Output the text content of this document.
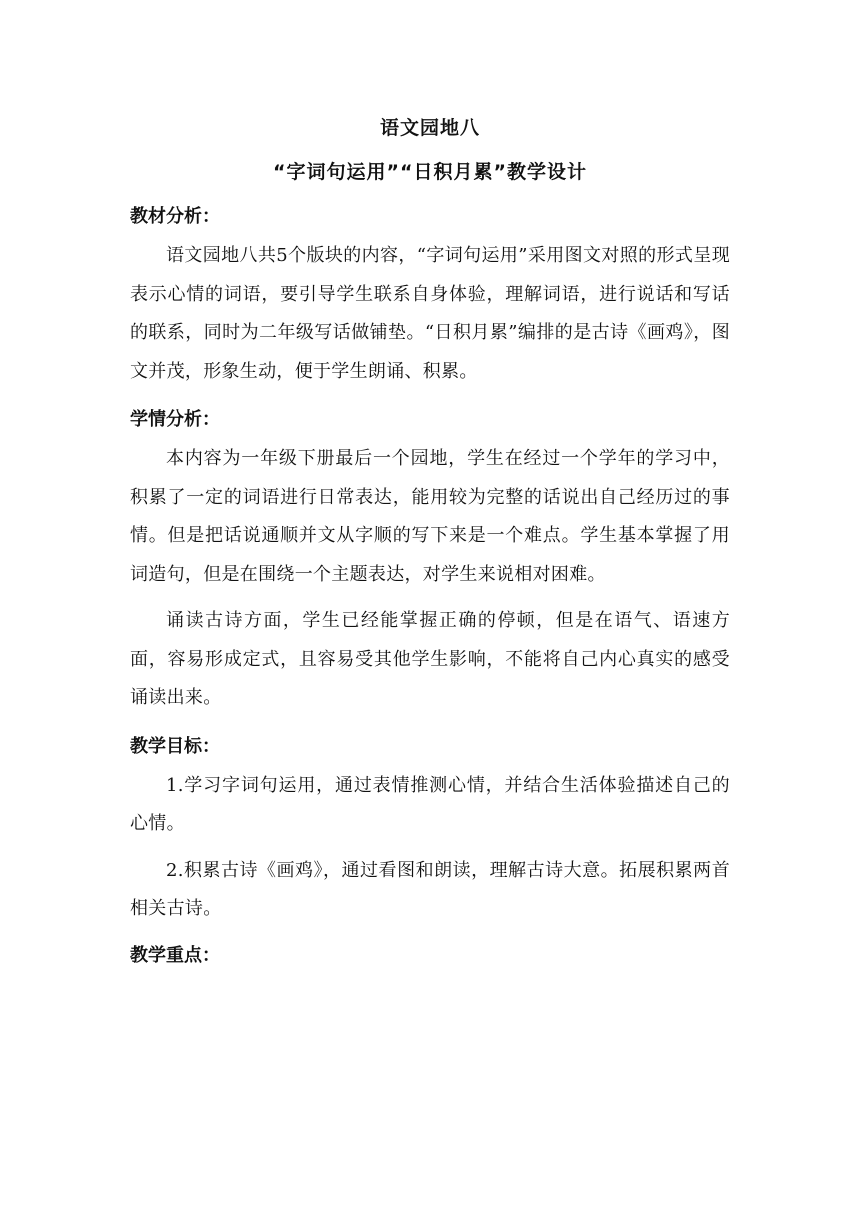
语文园地八

“字词句运用”“日积月累”教学设计

教材分析：

语文园地八共5个版块的内容，“字词句运用”采用图文对照的形式呈现表示心情的词语，要引导学生联系自身体验，理解词语，进行说话和写话的联系，同时为二年级写话做铺垫。“日积月累”编排的是古诗《画鸡》，图文并茂，形象生动，便于学生朗诵、积累。

学情分析：

本内容为一年级下册最后一个园地，学生在经过一个学年的学习中，积累了一定的词语进行日常表达，能用较为完整的话说出自己经历过的事情。但是把话说通顺并文从字顺的写下来是一个难点。学生基本掌握了用词造句，但是在围绕一个主题表达，对学生来说相对困难。

诵读古诗方面，学生已经能掌握正确的停顿，但是在语气、语速方面，容易形成定式，且容易受其他学生影响，不能将自己内心真实的感受诵读出来。

教学目标：

1.学习字词句运用，通过表情推测心情，并结合生活体验描述自己的心情。

2.积累古诗《画鸡》，通过看图和朗读，理解古诗大意。拓展积累两首相关古诗。

教学重点：
